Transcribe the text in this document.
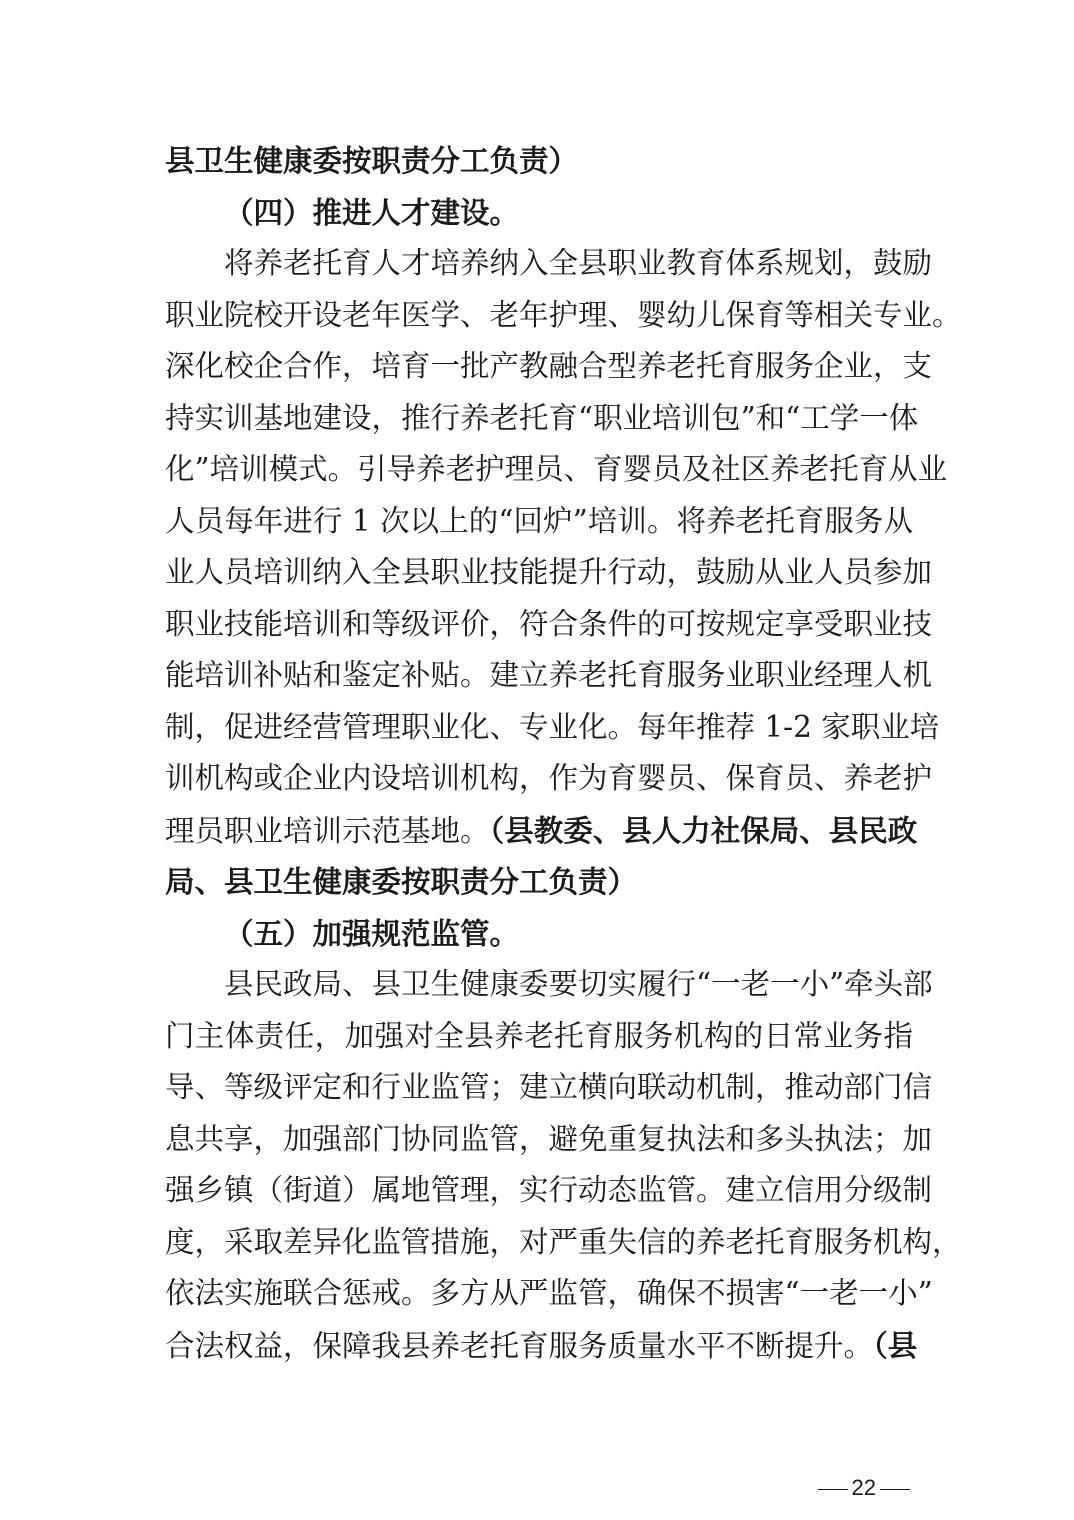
县卫生健康委按职责分工负责）
（四）推进人才建设。
将养老托育人才培养纳入全县职业教育体系规划，鼓励
职业院校开设老年医学、老年护理、婴幼儿保育等相关专业。
深化校企合作，培育一批产教融合型养老托育服务企业，支
持实训基地建设，推行养老托育“职业培训包”和“工学一体
化”培训模式。引导养老护理员、育婴员及社区养老托育从业
人员每年进行 1 次以上的“回炉”培训。将养老托育服务从
业人员培训纳入全县职业技能提升行动，鼓励从业人员参加
职业技能培训和等级评价，符合条件的可按规定享受职业技
能培训补贴和鉴定补贴。建立养老托育服务业职业经理人机
制，促进经营管理职业化、专业化。每年推荐 1-2 家职业培
训机构或企业内设培训机构，作为育婴员、保育员、养老护
理员职业培训示范基地。（县教委、县人力社保局、县民政
局、县卫生健康委按职责分工负责）
（五）加强规范监管。
县民政局、县卫生健康委要切实履行“一老一小”牵头部
门主体责任，加强对全县养老托育服务机构的日常业务指
导、等级评定和行业监管；建立横向联动机制，推动部门信
息共享，加强部门协同监管，避免重复执法和多头执法；加
强乡镇（街道）属地管理，实行动态监管。建立信用分级制
度，采取差异化监管措施，对严重失信的养老托育服务机构，
依法实施联合惩戒。多方从严监管，确保不损害“一老一小”
合法权益，保障我县养老托育服务质量水平不断提升。（县
22
